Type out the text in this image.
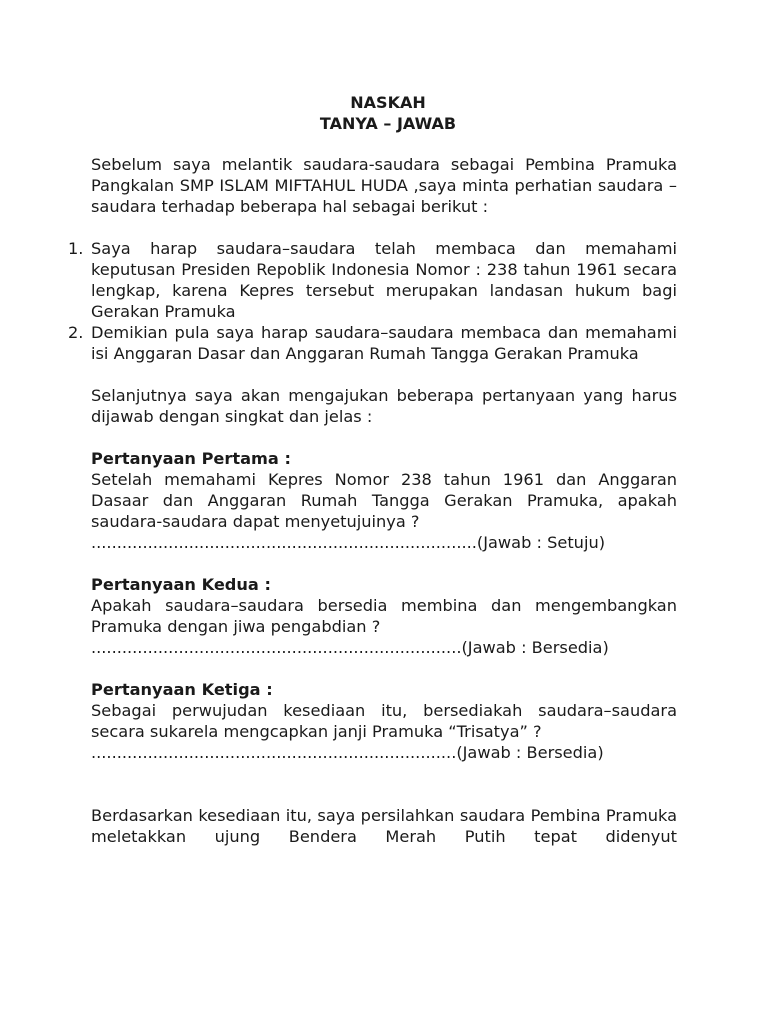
NASKAH
TANYA – JAWAB

Sebelum saya melantik saudara-saudara sebagai Pembina Pramuka Pangkalan SMP ISLAM MIFTAHUL HUDA ,saya minta perhatian saudara – saudara terhadap beberapa hal sebagai berikut :

1. Saya harap saudara–saudara telah membaca dan memahami keputusan Presiden Repoblik Indonesia Nomor : 238 tahun 1961 secara lengkap, karena Kepres tersebut merupakan landasan hukum bagi Gerakan Pramuka
2. Demikian pula saya harap saudara–saudara membaca dan memahami isi Anggaran Dasar dan Anggaran Rumah Tangga Gerakan Pramuka

Selanjutnya saya akan mengajukan beberapa pertanyaan yang harus dijawab dengan singkat dan jelas :

Pertanyaan Pertama :

Setelah memahami Kepres Nomor 238 tahun 1961 dan Anggaran Dasaar dan Anggaran Rumah Tangga Gerakan Pramuka, apakah saudara-saudara dapat menyetujuinya ?

...........................................................................(Jawab : Setuju)

Pertanyaan Kedua :

Apakah saudara–saudara bersedia membina dan mengembangkan Pramuka dengan jiwa pengabdian ?

........................................................................(Jawab : Bersedia)

Pertanyaan Ketiga :

Sebagai perwujudan kesediaan itu, bersediakah saudara–saudara secara sukarela mengcapkan janji Pramuka “Trisatya” ?

.......................................................................(Jawab : Bersedia)

Berdasarkan kesediaan itu, saya persilahkan saudara Pembina Pramuka meletakkan ujung Bendera Merah Putih tepat didenyut
